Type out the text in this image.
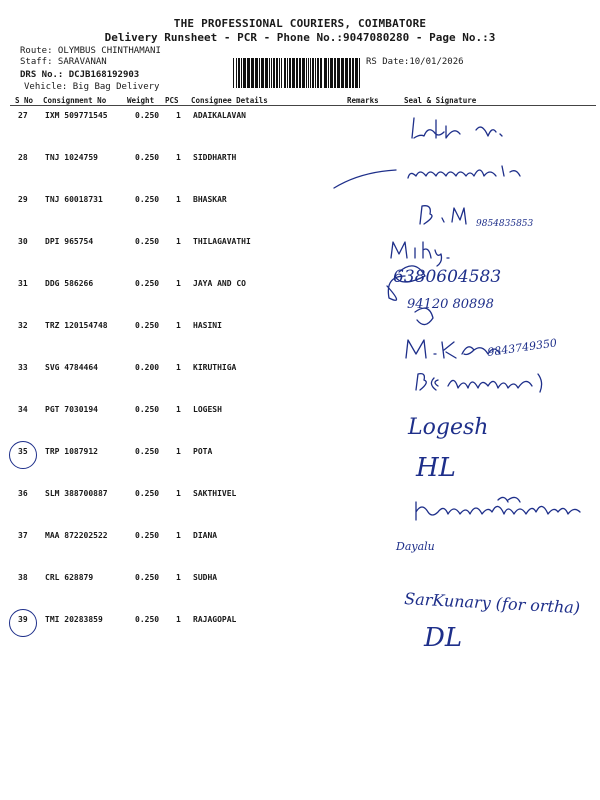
THE PROFESSIONAL COURIERS, COIMBATORE
Delivery Runsheet - PCR - Phone No.:9047080280 - Page No.:3
Route: OLYMBUS CHINTHAMANI
Staff: SARAVANAN
DRS No.: DCJB168192903
Vehicle: Big Bag Delivery
RS Date:10/01/2026
S No Consignment No	Weight PCS Consignee Details	Remarks	Seal & Signature
27 IXM 509771545	0.250 1 ADAIKALAVAN
28 TNJ 1024759	0.250 1 SIDDHARTH
29 TNJ 60018731	0.250 1 BHASKAR
30 DPI 965754	0.250 1 THILAGAVATHI
31 DDG 586266	0.250 1 JAYA AND CO
32 TRZ 120154748	0.250 1 HASINI
33 SVG 4784464	0.200 1 KIRUTHIGA
34 PGT 7030194	0.250 1 LOGESH
35 TRP 1087912	0.250 1 POTA
36 SLM 388700887	0.250 1 SAKTHIVEL
37 MAA 872202522	0.250 1 DIANA
38 CRL 628879	0.250 1 SUDHA
39 TMI 20283859	0.250 1 RAJAGOPAL
9854835853
6380604583
94120 80898
9843749350
Logesh
HL
Dayalu
SarKunary (for ortha)
DL
